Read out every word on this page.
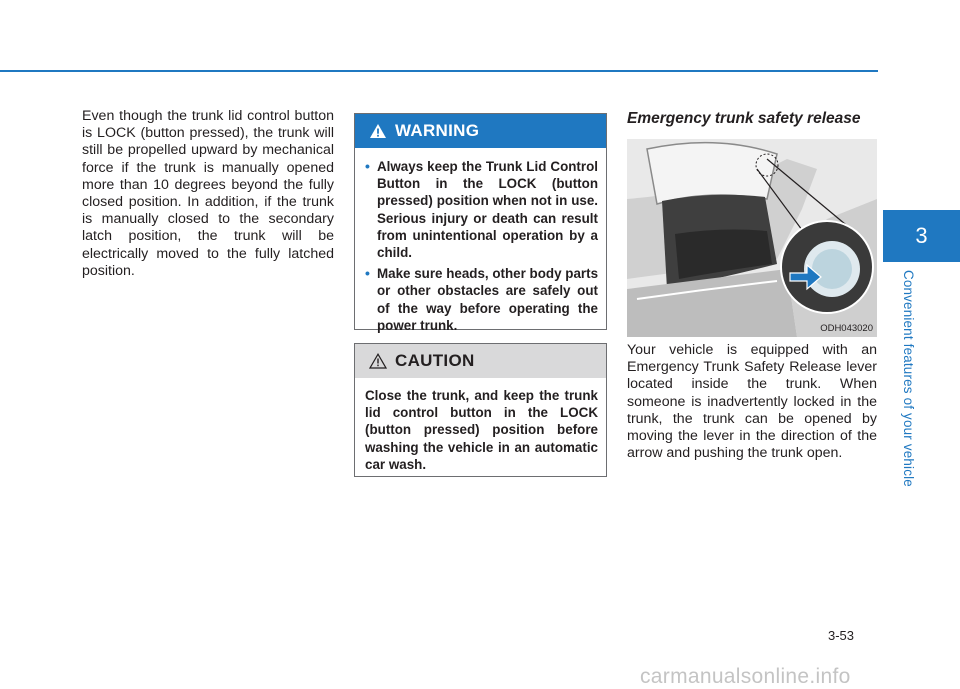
Even though the trunk lid control button is LOCK (button pressed), the trunk will still be propelled upward by mechanical force if the trunk is manually opened more than 10 degrees beyond the fully closed position. In addition, if the trunk is manually closed to the secondary latch position, the trunk will be electrically moved to the fully latched position.
WARNING
• Always keep the Trunk Lid Control Button in the LOCK (button pressed) position when not in use. Serious injury or death can result from unintentional operation by a child.
• Make sure heads, other body parts or other obstacles are safely out of the way before operating the power trunk.
CAUTION
Close the trunk, and keep the trunk lid control button in the LOCK (button pressed) position before washing the vehicle in an automatic car wash.
Emergency trunk safety release
ODH043020
Your vehicle is equipped with an Emergency Trunk Safety Release lever located inside the trunk. When someone is inadvertently locked in the trunk, the trunk can be opened by moving the lever in the direction of the arrow and pushing the trunk open.
3
Convenient features of your vehicle
3-53
carmanualsonline.info
